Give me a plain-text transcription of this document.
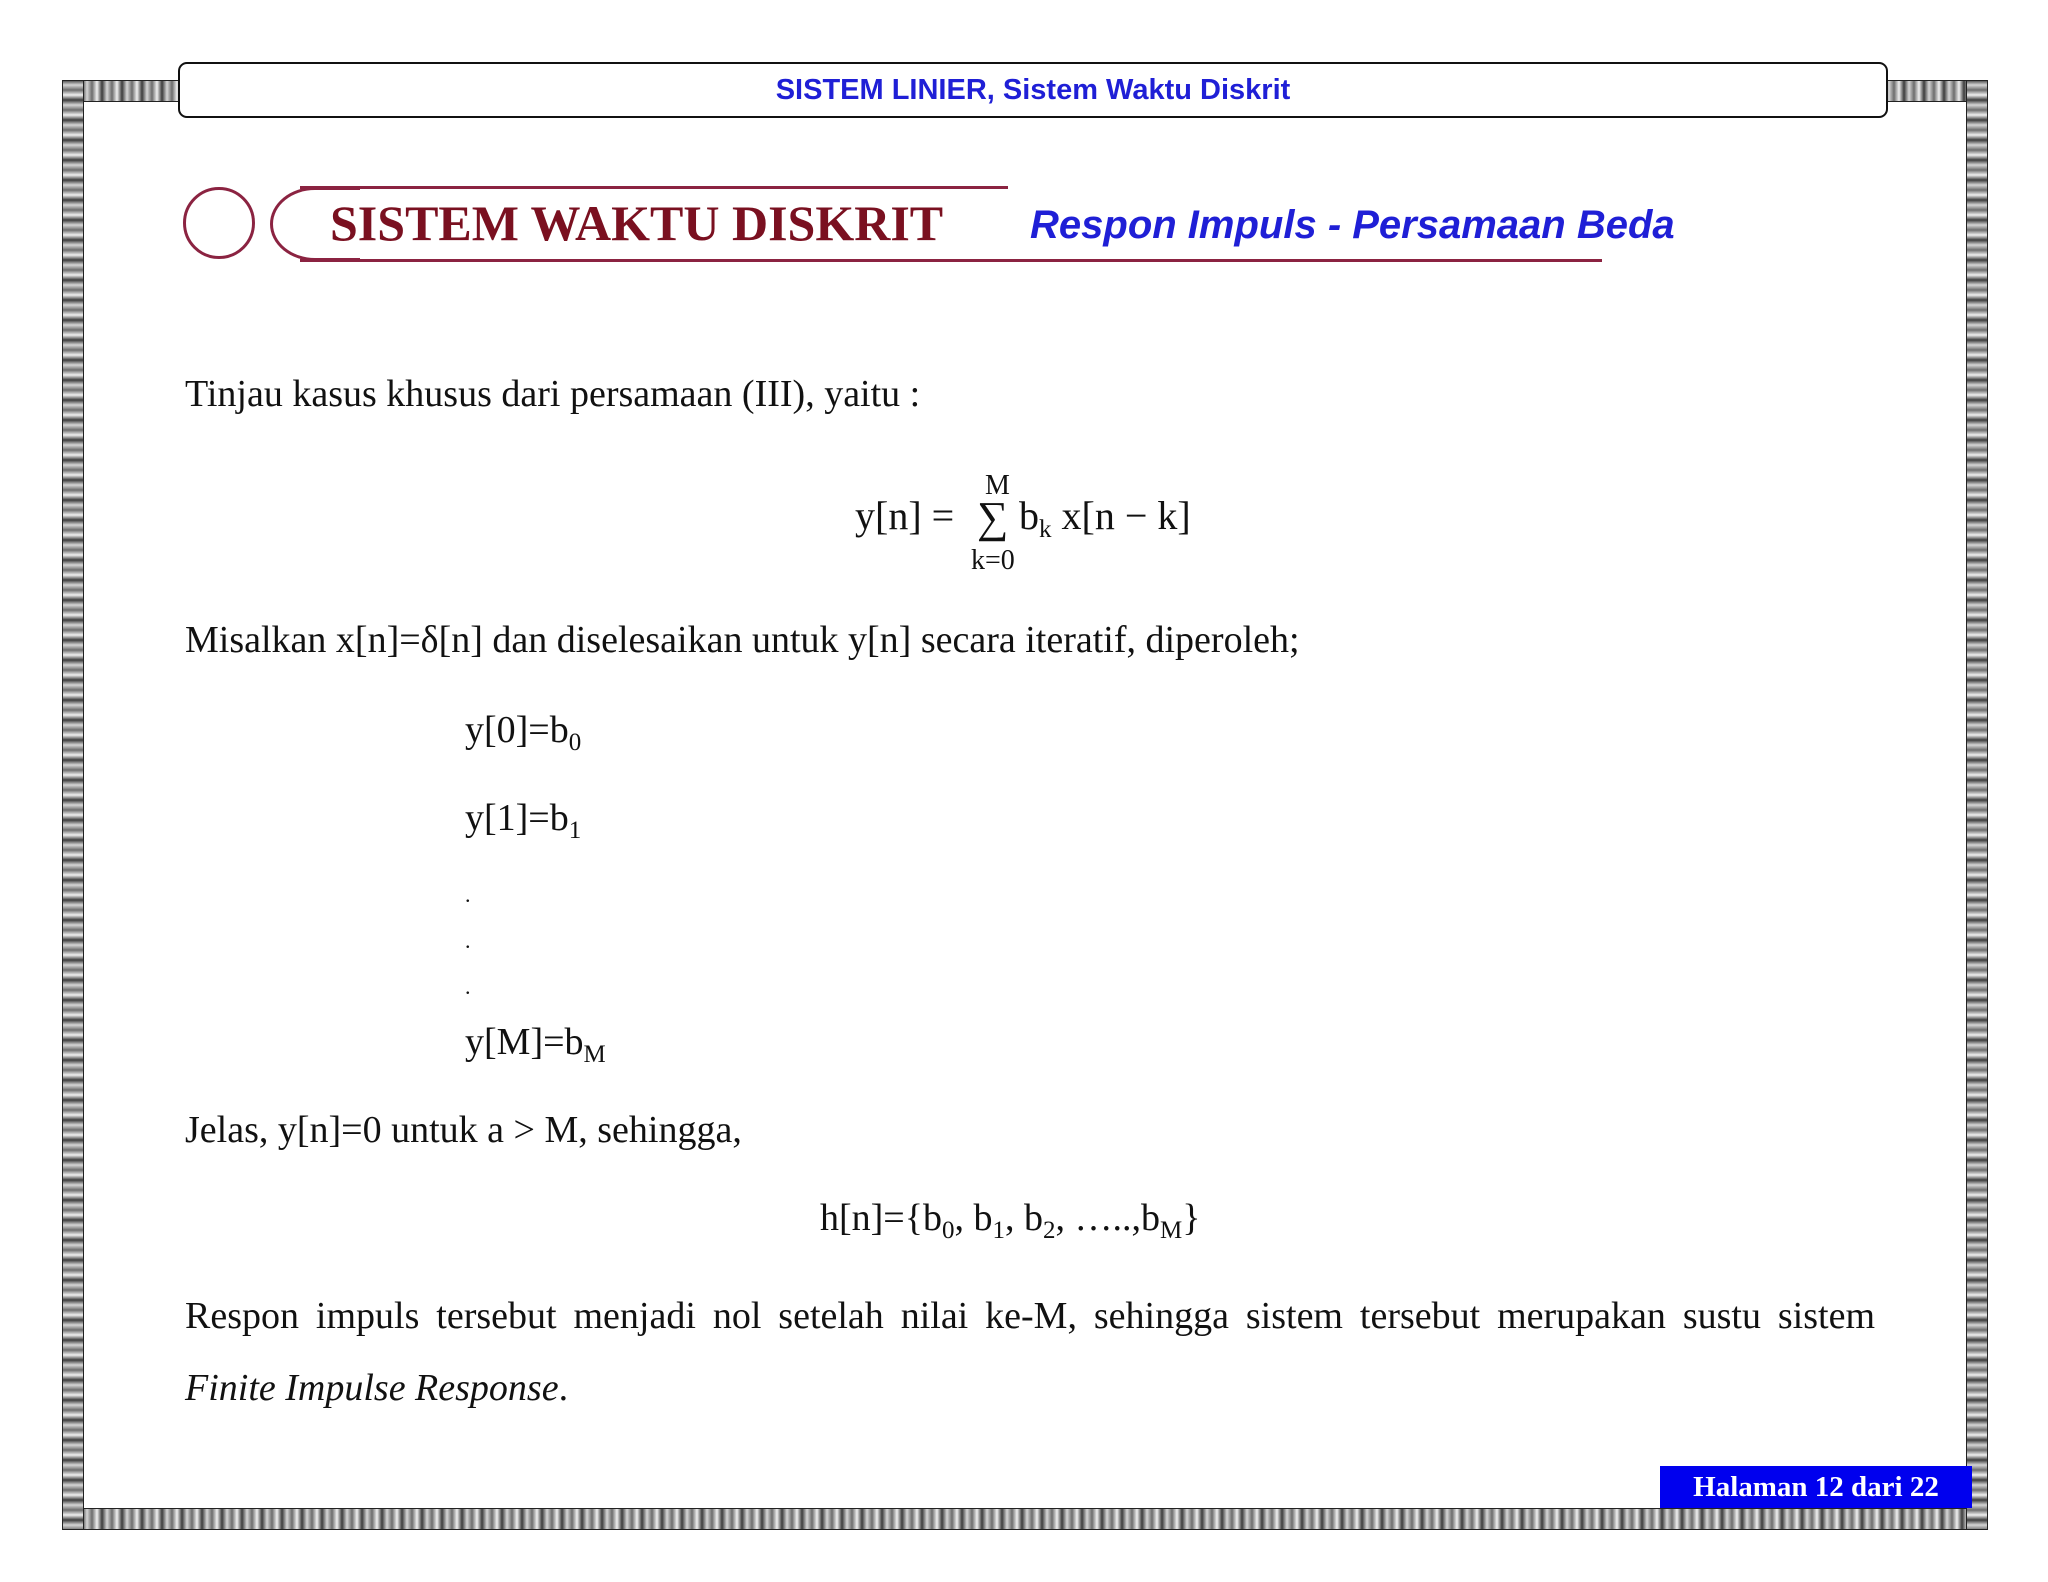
SISTEM LINIER, Sistem Waktu Diskrit
SISTEM WAKTU DISKRIT Respon Impuls - Persamaan Beda
Tinjau kasus khusus dari persamaan (III), yaitu :
y[n] =
M
∑
k=0
$b_k$ x[n − k]
Misalkan x[n]=δ[n] dan diselesaikan untuk y[n] secara iteratif, diperoleh;
$y[0]=b_0$
$y[1]=b_1$
.
.
.
$y[M]=b_M$
Jelas, y[n]=0 untuk a > M, sehingga,
$h[n]=\{b_0$, $b_1$, $b_2$, $\dots..,b_M$}
Respon impuls tersebut menjadi nol setelah nilai ke-M, sehingga sistem tersebut merupakan sustu sistem Finite Impulse Response.
Halaman 12 dari 22
